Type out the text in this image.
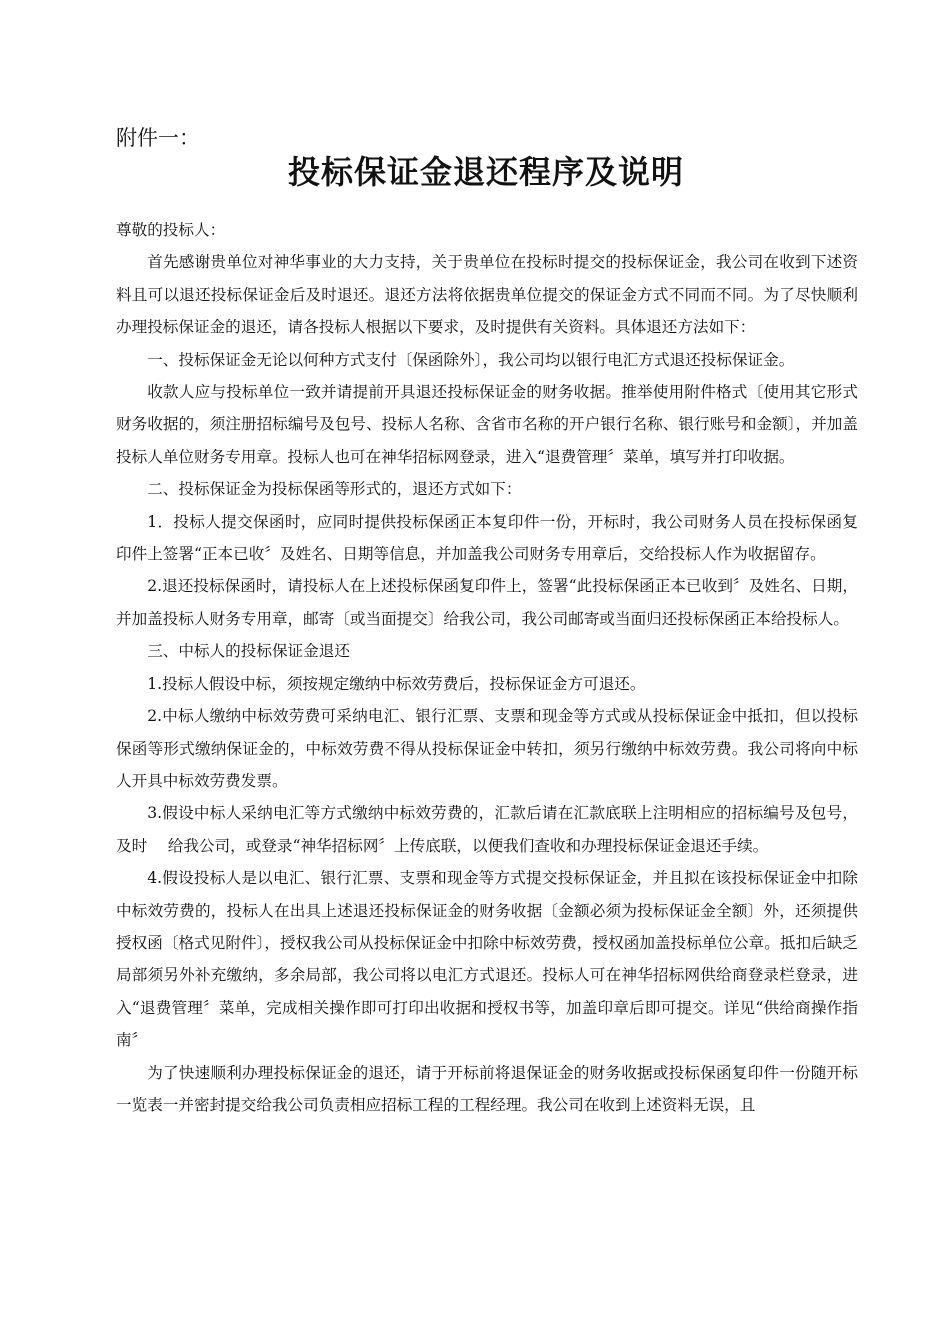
附件一：
投标保证金退还程序及说明

尊敬的投标人：

首先感谢贵单位对神华事业的大力支持，关于贵单位在投标时提交的投标保证金，我公司在收到下述资料且可以退还投标保证金后及时退还。退还方法将依据贵单位提交的保证金方式不同而不同。为了尽快顺利办理投标保证金的退还，请各投标人根据以下要求，及时提供有关资料。具体退还方法如下：

一、投标保证金无论以何种方式支付〔保函除外〕，我公司均以银行电汇方式退还投标保证金。

收款人应与投标单位一致并请提前开具退还投标保证金的财务收据。推举使用附件格式〔使用其它形式财务收据的，须注册招标编号及包号、投标人名称、含省市名称的开户银行名称、银行账号和金额〕，并加盖投标人单位财务专用章。投标人也可在神华招标网登录，进入“退费管理〞菜单，填写并打印收据。

二、投标保证金为投标保函等形式的，退还方式如下：

1．投标人提交保函时，应同时提供投标保函正本复印件一份，开标时，我公司财务人员在投标保函复印件上签署“正本已收〞及姓名、日期等信息，并加盖我公司财务专用章后，交给投标人作为收据留存。

2.退还投标保函时，请投标人在上述投标保函复印件上，签署“此投标保函正本已收到〞及姓名、日期，并加盖投标人财务专用章，邮寄〔或当面提交〕给我公司，我公司邮寄或当面归还投标保函正本给投标人。

三、中标人的投标保证金退还

1.投标人假设中标，须按规定缴纳中标效劳费后，投标保证金方可退还。

2.中标人缴纳中标效劳费可采纳电汇、银行汇票、支票和现金等方式或从投标保证金中抵扣，但以投标保函等形式缴纳保证金的，中标效劳费不得从投标保证金中转扣，须另行缴纳中标效劳费。我公司将向中标人开具中标效劳费发票。

3.假设中标人采纳电汇等方式缴纳中标效劳费的，汇款后请在汇款底联上注明相应的招标编号及包号，及时　 给我公司，或登录“神华招标网〞上传底联，以便我们查收和办理投标保证金退还手续。

4.假设投标人是以电汇、银行汇票、支票和现金等方式提交投标保证金，并且拟在该投标保证金中扣除中标效劳费的，投标人在出具上述退还投标保证金的财务收据〔金额必须为投标保证金全额〕外，还须提供授权函〔格式见附件〕，授权我公司从投标保证金中扣除中标效劳费，授权函加盖投标单位公章。抵扣后缺乏局部须另外补充缴纳，多余局部，我公司将以电汇方式退还。投标人可在神华招标网供给商登录栏登录，进入“退费管理〞菜单，完成相关操作即可打印出收据和授权书等，加盖印章后即可提交。详见“供给商操作指南〞

为了快速顺利办理投标保证金的退还，请于开标前将退保证金的财务收据或投标保函复印件一份随开标一览表一并密封提交给我公司负责相应招标工程的工程经理。我公司在收到上述资料无误，且
